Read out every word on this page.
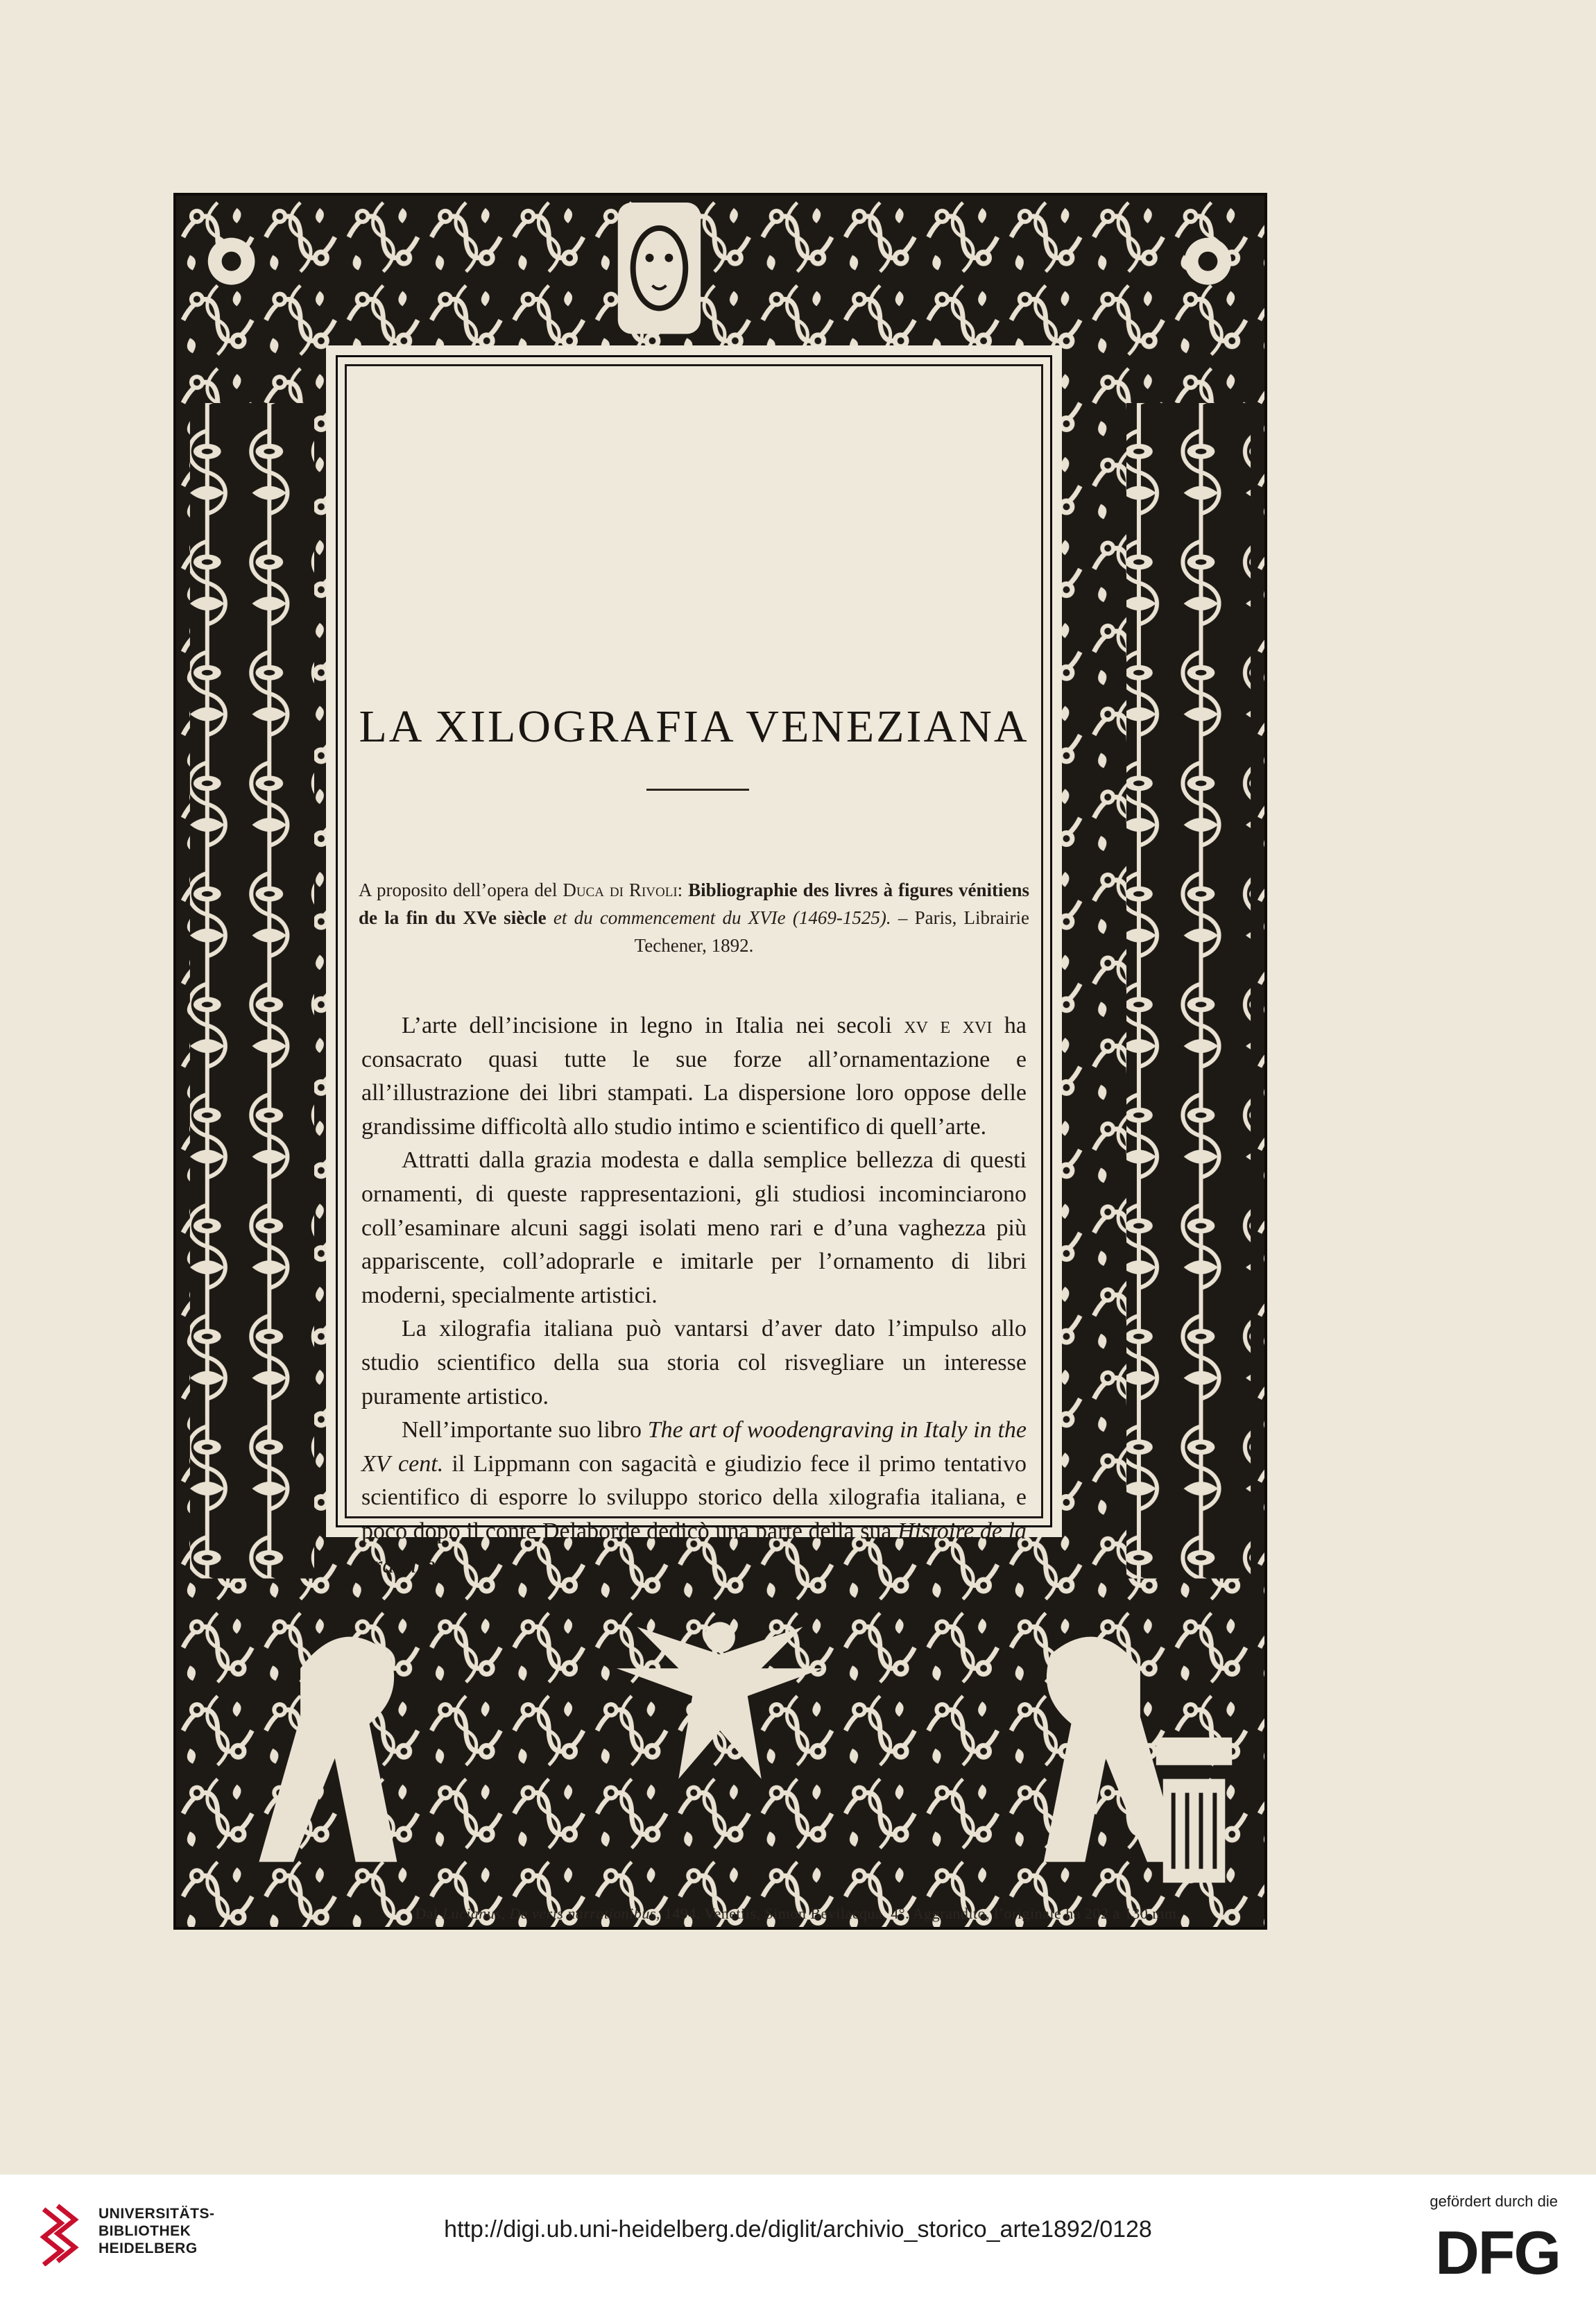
LA XILOGRAFIA VENEZIANA
A proposito dell’opera del Duca di Rivoli: Bibliographie des livres à figures vénitiens de la fin du XVe siècle et du commencement du XVIe (1469-1525). – Paris, Librairie Techener, 1892.

L’arte dell’incisione in legno in Italia nei secoli xv e xvi ha consacrato quasi tutte le sue forze all’ornamentazione e all’illustrazione dei libri stampati. La dispersione loro oppose delle grandissime difficoltà allo studio intimo e scientifico di quell’arte.

Attratti dalla grazia modesta e dalla semplice bellezza di questi ornamenti, di queste rappresentazioni, gli studiosi incominciarono coll’esaminare alcuni saggi isolati meno rari e d’una vaghezza più appariscente, coll’adoprarle e imitarle per l’ornamento di libri moderni, specialmente artistici.

La xilografia italiana può vantarsi d’aver dato l’impulso allo studio scientifico della sua storia col risvegliare un interesse puramente artistico.

Nell’importante suo libro The art of woodengraving in Italy in the XV cent. il Lippmann con sagacità e giudizio fece il primo tentativo scientifico di esporre lo sviluppo storico della xilografia italiana, e poco dopo il conte Delaborde dedicò una parte della sua Histoire de la gravure

Dal Lucianus, De veris narrationibus, 1494. Venetiis, Simon Bevilacqua, 4°. Aggrandito, l’originale ha 202 a 130 mm.
UNIVERSITÄTS-
BIBLIOTHEK
HEIDELBERG
http://digi.ub.uni-heidelberg.de/diglit/archivio_storico_arte1892/0128
gefördert durch die
DFG
